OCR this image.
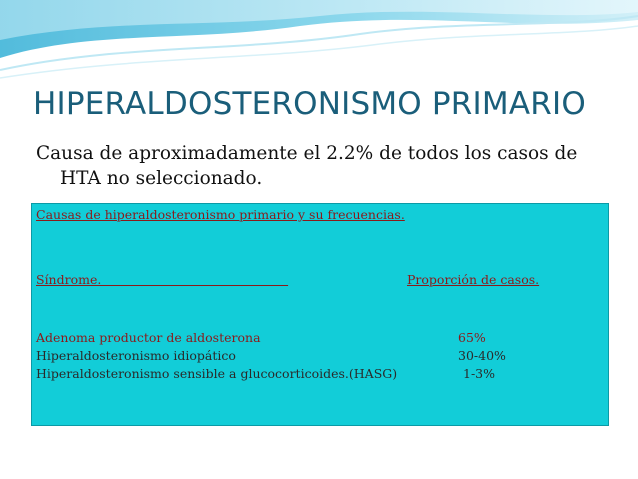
HIPERALDOSTERONISMO PRIMARIO
Causa de aproximadamente el 2.2% de todos los casos de
HTA no seleccionado.
Causas de hiperaldosteronismo primario y su frecuencias.
Síndrome.	Proporción de casos.
Adenoma productor de aldosterona	65%
Hiperaldosteronismo idiopático	30-40%
Hiperaldosteronismo sensible a glucocorticoides.(HASG)	1-3%
